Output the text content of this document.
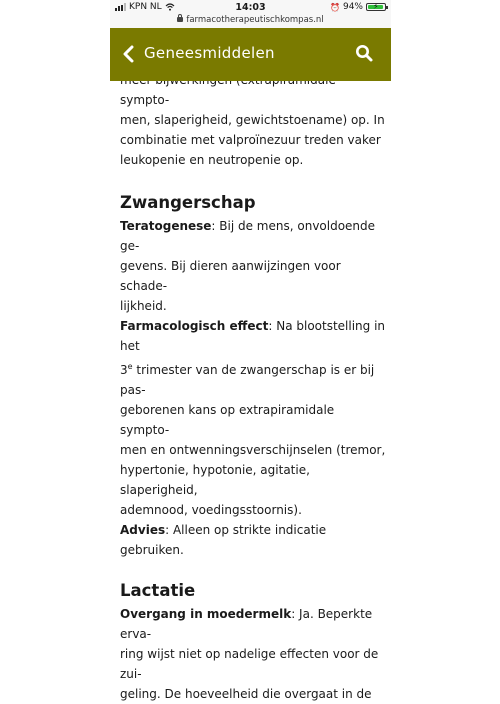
KPN NL	14:03	⏰ 94% ⚡
farmacotherapeutischkompas.nl
Geneesmiddelen

sympto-

men, slaperigheid, gewichtstoename) op. In

combinatie met valproïnezuur treden vaker

leukopenie en neutropenie op.

Zwangerschap

Teratogenese: Bij de mens, onvoldoende ge-

gevens. Bij dieren aanwijzingen voor schade-

lijkheid.

Farmacologisch effect: Na blootstelling in het

3e trimester van de zwangerschap is er bij pas-

geborenen kans op extrapiramidale sympto-

men en ontwenningsverschijnselen (tremor,

hypertonie, hypotonie, agitatie, slaperigheid,

ademnood, voedingsstoornis).

Advies: Alleen op strikte indicatie gebruiken.

Lactatie

Overgang in moedermelk: Ja. Beperkte erva-

ring wijst niet op nadelige effecten voor de zui-

geling. De hoeveelheid die overgaat in de
